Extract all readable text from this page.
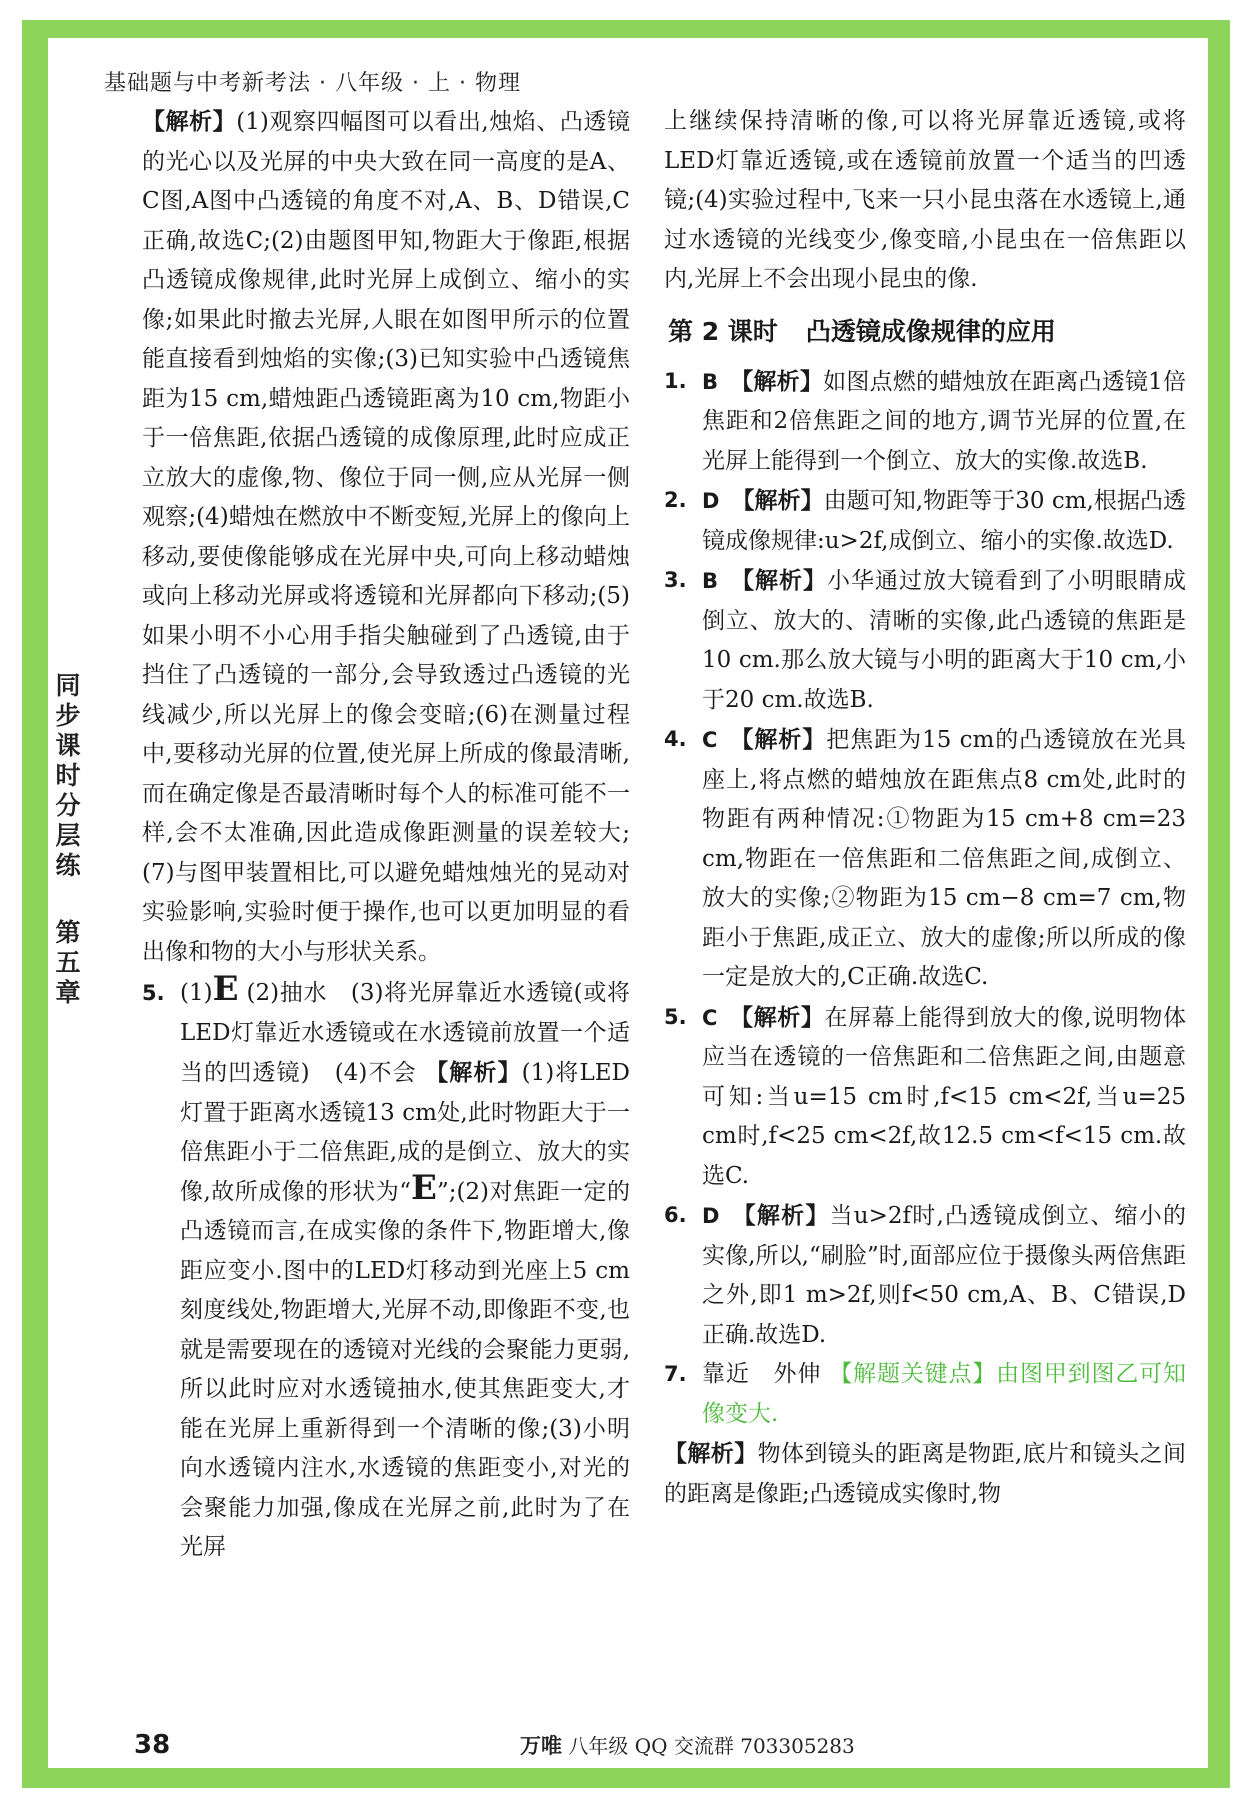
基础题与中考新考法 · 八年级 · 上 · 物理
同
步
课
时
分
层
练
第
五
章

【解析】(1)观察四幅图可以看出,烛焰、凸透镜的光心以及光屏的中央大致在同一高度的是A、C图,A图中凸透镜的角度不对,A、B、D错误,C正确,故选C;(2)由题图甲知,物距大于像距,根据凸透镜成像规律,此时光屏上成倒立、缩小的实像;如果此时撤去光屏,人眼在如图甲所示的位置能直接看到烛焰的实像;(3)已知实验中凸透镜焦距为15 cm,蜡烛距凸透镜距离为10 cm,物距小于一倍焦距,依据凸透镜的成像原理,此时应成正立放大的虚像,物、像位于同一侧,应从光屏一侧观察;(4)蜡烛在燃放中不断变短,光屏上的像向上移动,要使像能够成在光屏中央,可向上移动蜡烛或向上移动光屏或将透镜和光屏都向下移动;(5)如果小明不小心用手指尖触碰到了凸透镜,由于挡住了凸透镜的一部分,会导致透过凸透镜的光线减少,所以光屏上的像会变暗;(6)在测量过程中,要移动光屏的位置,使光屏上所成的像最清晰,而在确定像是否最清晰时每个人的标准可能不一样,会不太准确,因此造成像距测量的误差较大;(7)与图甲装置相比,可以避免蜡烛烛光的晃动对实验影响,实验时便于操作,也可以更加明显的看出像和物的大小与形状关系。

5. (1)E (2)抽水　(3)将光屏靠近水透镜(或将LED灯靠近水透镜或在水透镜前放置一个适当的凹透镜)　(4)不会 【解析】(1)将LED灯置于距离水透镜13 cm处,此时物距大于一倍焦距小于二倍焦距,成的是倒立、放大的实像,故所成像的形状为“E”;(2)对焦距一定的凸透镜而言,在成实像的条件下,物距增大,像距应变小.图中的LED灯移动到光座上5 cm刻度线处,物距增大,光屏不动,即像距不变,也就是需要现在的透镜对光线的会聚能力更弱,所以此时应对水透镜抽水,使其焦距变大,才能在光屏上重新得到一个清晰的像;(3)小明向水透镜内注水,水透镜的焦距变小,对光的会聚能力加强,像成在光屏之前,此时为了在光屏

上继续保持清晰的像,可以将光屏靠近透镜,或将LED灯靠近透镜,或在透镜前放置一个适当的凹透镜;(4)实验过程中,飞来一只小昆虫落在水透镜上,通过水透镜的光线变少,像变暗,小昆虫在一倍焦距以内,光屏上不会出现小昆虫的像.

第 2 课时 凸透镜成像规律的应用
1. B 【解析】如图点燃的蜡烛放在距离凸透镜1倍焦距和2倍焦距之间的地方,调节光屏的位置,在光屏上能得到一个倒立、放大的实像.故选B.
2. D 【解析】由题可知,物距等于30 cm,根据凸透镜成像规律:u>2f,成倒立、缩小的实像.故选D.
3. B 【解析】小华通过放大镜看到了小明眼睛成倒立、放大的、清晰的实像,此凸透镜的焦距是10 cm.那么放大镜与小明的距离大于10 cm,小于20 cm.故选B.
4. C 【解析】把焦距为15 cm的凸透镜放在光具座上,将点燃的蜡烛放在距焦点8 cm处,此时的物距有两种情况:①物距为15 cm+8 cm=23 cm,物距在一倍焦距和二倍焦距之间,成倒立、放大的实像;②物距为15 cm−8 cm=7 cm,物距小于焦距,成正立、放大的虚像;所以所成的像一定是放大的,C正确.故选C.
5. C 【解析】在屏幕上能得到放大的像,说明物体应当在透镜的一倍焦距和二倍焦距之间,由题意可知:当u=15 cm时,f<15 cm<2f,当u=25 cm时,f<25 cm<2f,故12.5 cm<f<15 cm.故选C.
6. D 【解析】当u>2f时,凸透镜成倒立、缩小的实像,所以,“刷脸”时,面部应位于摄像头两倍焦距之外,即1 m>2f,则f<50 cm,A、B、C错误,D正确.故选D.
7. 靠近　外伸 【解题关键点】由图甲到图乙可知像变大.

【解析】物体到镜头的距离是物距,底片和镜头之间的距离是像距;凸透镜成实像时,物

38	万唯 八年级 QQ 交流群 703305283
